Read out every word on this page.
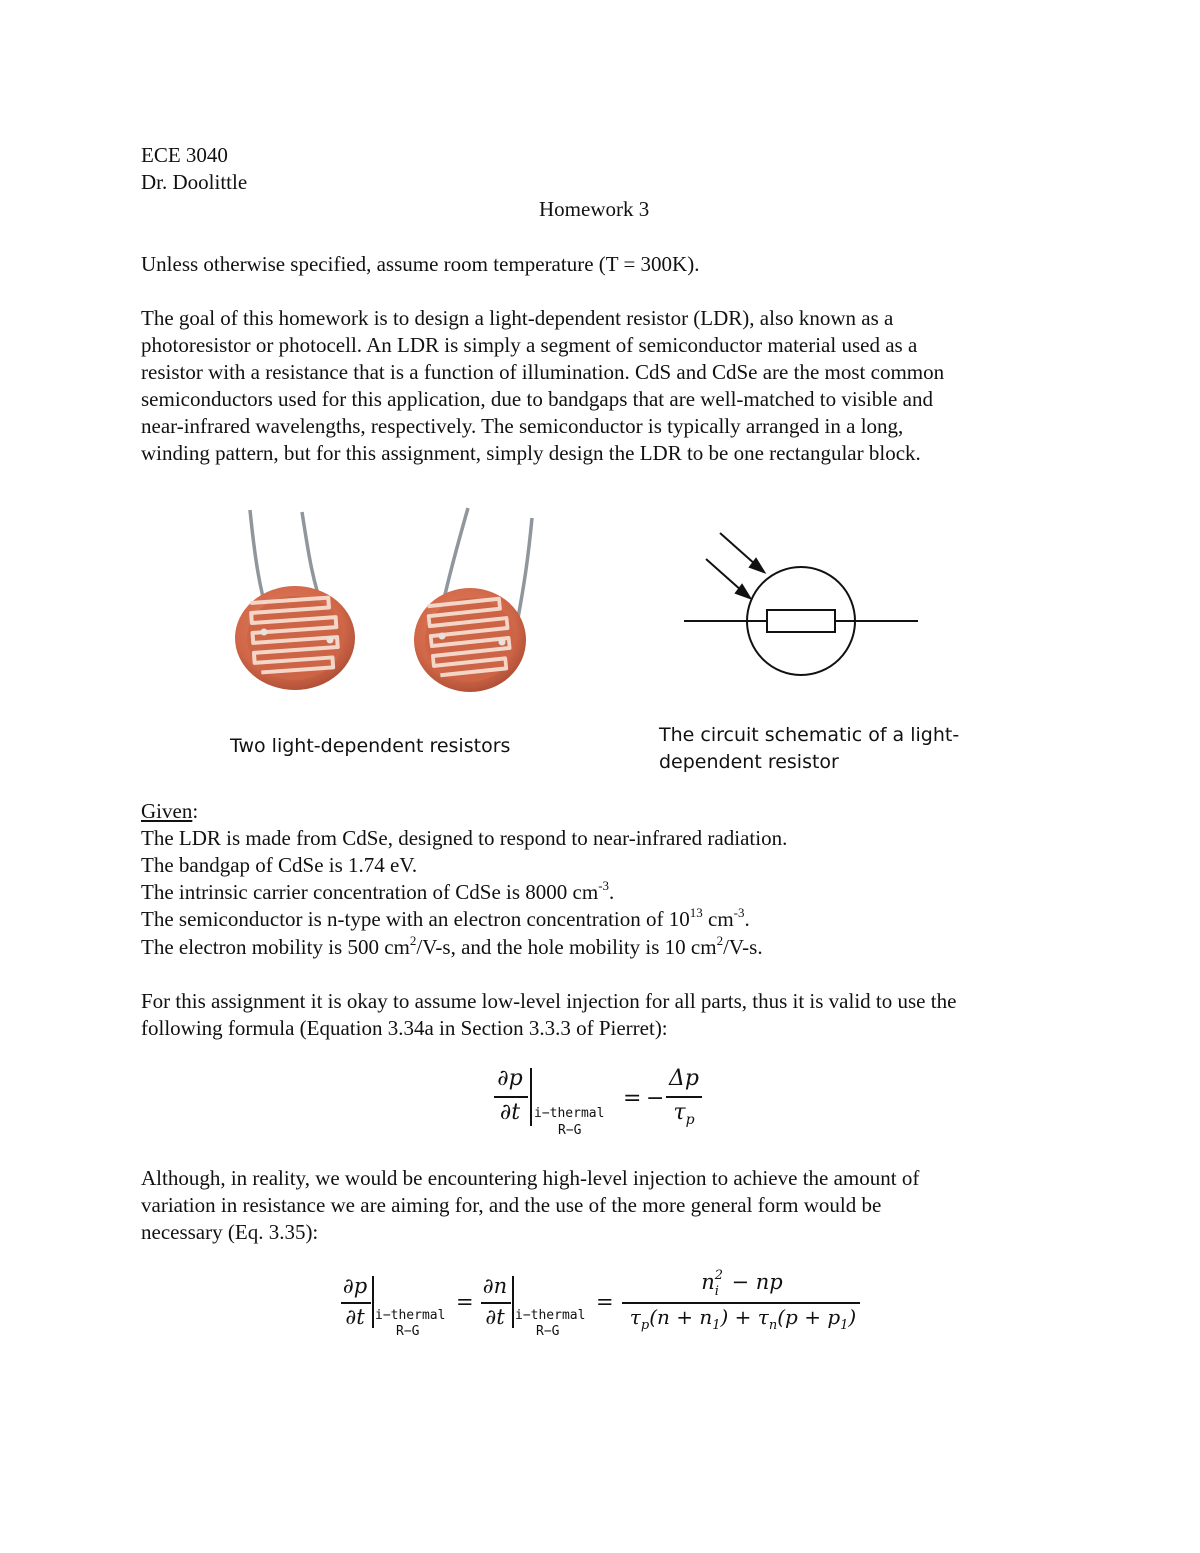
ECE 3040
Dr. Doolittle
Homework 3
Unless otherwise specified, assume room temperature (T = 300K).
The goal of this homework is to design a light-dependent resistor (LDR), also known as a
photoresistor or photocell. An LDR is simply a segment of semiconductor material used as a
resistor with a resistance that is a function of illumination. CdS and CdSe are the most common
semiconductors used for this application, due to bandgaps that are well-matched to visible and
near-infrared wavelengths, respectively. The semiconductor is typically arranged in a long,
winding pattern, but for this assignment, simply design the LDR to be one rectangular block.
Two light-dependent resistors	The circuit schematic of a light-
dependent resistor
Given:
The LDR is made from CdSe, designed to respond to near-infrared radiation.
The bandgap of CdSe is 1.74 eV.
The intrinsic carrier concentration of CdSe is 8000 $cm^{-3}$.
The semiconductor is n-type with an electron concentration of $10^{13}$ $cm^{-3}$.
The electron mobility is 500 $cm^2/V-s$, and the hole mobility is 10 $cm^2/V-s$.
For this assignment it is okay to assume low-level injection for all parts, thus it is valid to use the
following formula (Equation 3.34a in Section 3.3.3 of Pierret):
∂p
∂t	i−thermal
R−G
= −
Δp
$\tau_p$
Although, in reality, we would be encountering high-level injection to achieve the amount of
variation in resistance we are aiming for, and the use of the more general form would be
necessary (Eq. 3.35):
∂p
∂t i−thermal
R−G
=
∂n
∂t i−thermal
R−G
=
n 2
i − np
$\tau_p(n + n_1) + \tau_n(p + p_1)$
